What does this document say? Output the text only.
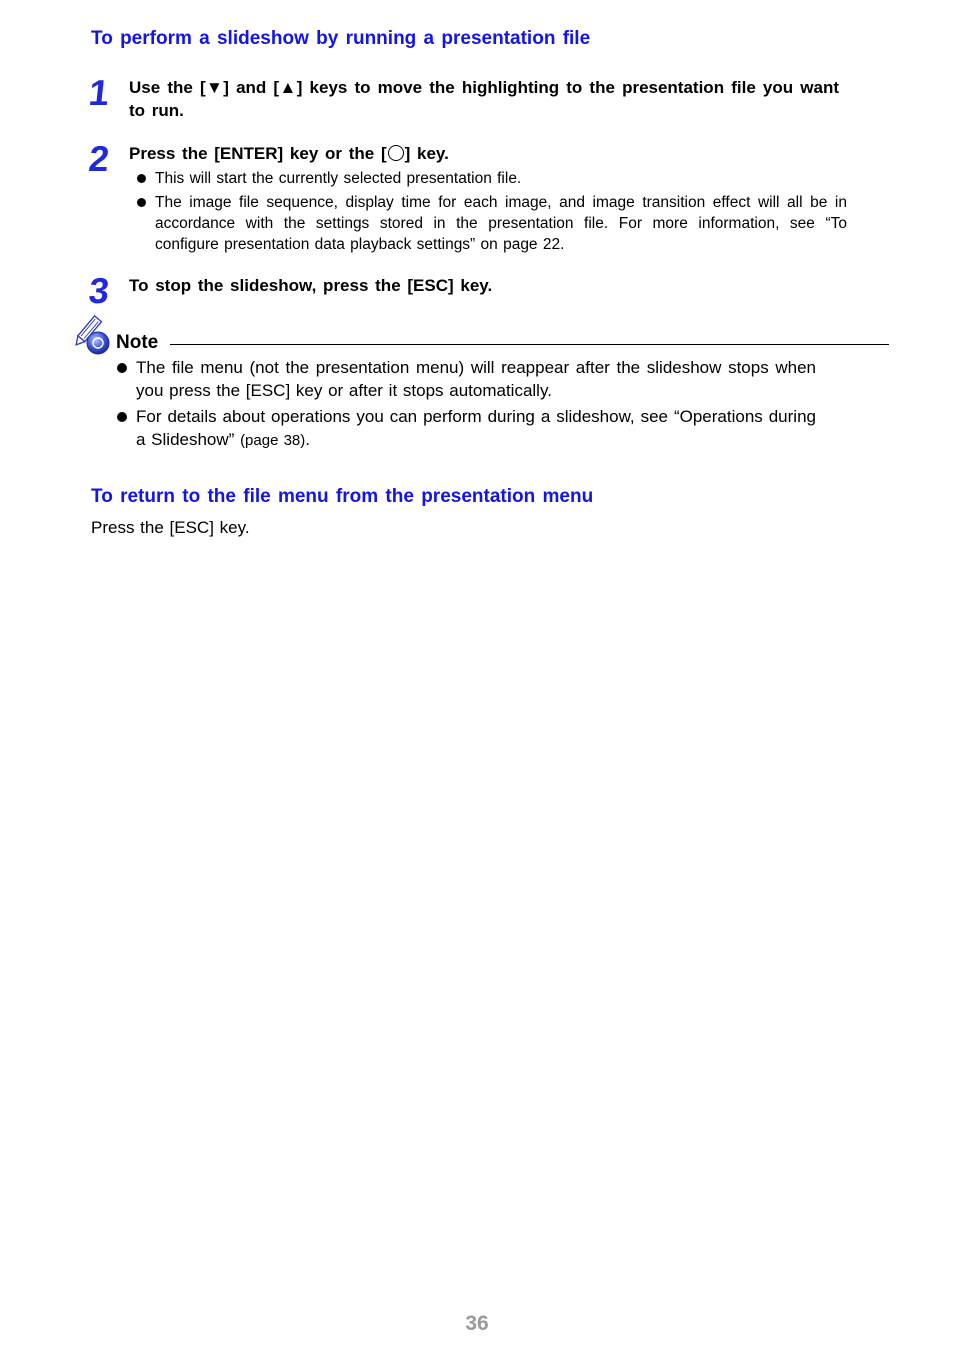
To perform a slideshow by running a presentation file
1 Use the [▼] and [▲] keys to move the highlighting to the presentation file you want to run.
2 Press the [ENTER] key or the [ ] key.
This will start the currently selected presentation file.
The image file sequence, display time for each image, and image transition effect will all be in accordance with the settings stored in the presentation file. For more information, see “To configure presentation data playback settings” on page 22.
3 To stop the slideshow, press the [ESC] key.
Note
The file menu (not the presentation menu) will reappear after the slideshow stops when you press the [ESC] key or after it stops automatically.
For details about operations you can perform during a slideshow, see “Operations during a Slideshow” (page 38).
To return to the file menu from the presentation menu
Press the [ESC] key.
36
